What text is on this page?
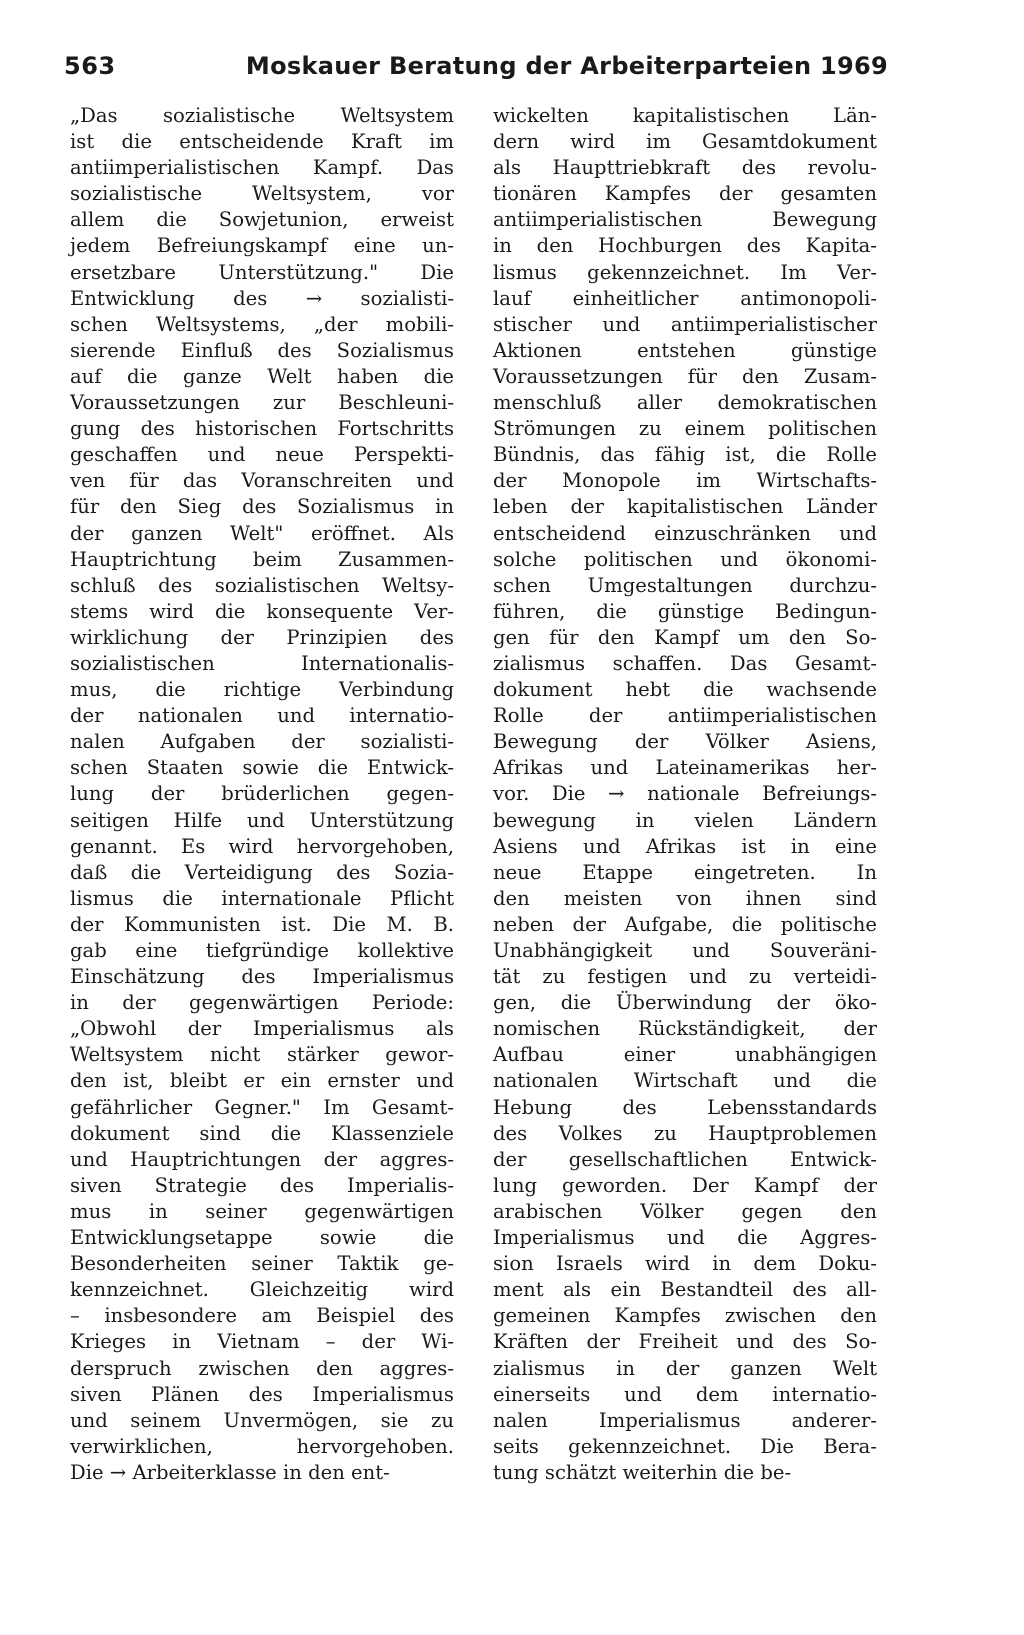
563	Moskauer Beratung der Arbeiterparteien 1969
„Das sozialistische Weltsystem
ist die entscheidende Kraft im
antiimperialistischen Kampf. Das
sozialistische Weltsystem, vor
allem die Sowjetunion, erweist
jedem Befreiungskampf eine un-
ersetzbare Unterstützung." Die
Entwicklung des → sozialisti-
schen Weltsystems, „der mobili-
sierende Einfluß des Sozialismus
auf die ganze Welt haben die
Voraussetzungen zur Beschleuni-
gung des historischen Fortschritts
geschaffen und neue Perspekti-
ven für das Voranschreiten und
für den Sieg des Sozialismus in
der ganzen Welt" eröffnet. Als
Hauptrichtung beim Zusammen-
schluß des sozialistischen Weltsy-
stems wird die konsequente Ver-
wirklichung der Prinzipien des
sozialistischen Internationalis-
mus, die richtige Verbindung
der nationalen und internatio-
nalen Aufgaben der sozialisti-
schen Staaten sowie die Entwick-
lung der brüderlichen gegen-
seitigen Hilfe und Unterstützung
genannt. Es wird hervorgehoben,
daß die Verteidigung des Sozia-
lismus die internationale Pflicht
der Kommunisten ist. Die M. B.
gab eine tiefgründige kollektive
Einschätzung des Imperialismus
in der gegenwärtigen Periode:
„Obwohl der Imperialismus als
Weltsystem nicht stärker gewor-
den ist, bleibt er ein ernster und
gefährlicher Gegner." Im Gesamt-
dokument sind die Klassenziele
und Hauptrichtungen der aggres-
siven Strategie des Imperialis-
mus in seiner gegenwärtigen
Entwicklungsetappe sowie die
Besonderheiten seiner Taktik ge-
kennzeichnet. Gleichzeitig wird
– insbesondere am Beispiel des
Krieges in Vietnam – der Wi-
derspruch zwischen den aggres-
siven Plänen des Imperialismus
und seinem Unvermögen, sie zu
verwirklichen, hervorgehoben.
Die → Arbeiterklasse in den ent-
wickelten kapitalistischen Län-
dern wird im Gesamtdokument
als Haupttriebkraft des revolu-
tionären Kampfes der gesamten
antiimperialistischen Bewegung
in den Hochburgen des Kapita-
lismus gekennzeichnet. Im Ver-
lauf einheitlicher antimonopoli-
stischer und antiimperialistischer
Aktionen entstehen günstige
Voraussetzungen für den Zusam-
menschluß aller demokratischen
Strömungen zu einem politischen
Bündnis, das fähig ist, die Rolle
der Monopole im Wirtschafts-
leben der kapitalistischen Länder
entscheidend einzuschränken und
solche politischen und ökonomi-
schen Umgestaltungen durchzu-
führen, die günstige Bedingun-
gen für den Kampf um den So-
zialismus schaffen. Das Gesamt-
dokument hebt die wachsende
Rolle der antiimperialistischen
Bewegung der Völker Asiens,
Afrikas und Lateinamerikas her-
vor. Die → nationale Befreiungs-
bewegung in vielen Ländern
Asiens und Afrikas ist in eine
neue Etappe eingetreten. In
den meisten von ihnen sind
neben der Aufgabe, die politische
Unabhängigkeit und Souveräni-
tät zu festigen und zu verteidi-
gen, die Überwindung der öko-
nomischen Rückständigkeit, der
Aufbau einer unabhängigen
nationalen Wirtschaft und die
Hebung des Lebensstandards
des Volkes zu Hauptproblemen
der gesellschaftlichen Entwick-
lung geworden. Der Kampf der
arabischen Völker gegen den
Imperialismus und die Aggres-
sion Israels wird in dem Doku-
ment als ein Bestandteil des all-
gemeinen Kampfes zwischen den
Kräften der Freiheit und des So-
zialismus in der ganzen Welt
einerseits und dem internatio-
nalen Imperialismus anderer-
seits gekennzeichnet. Die Bera-
tung schätzt weiterhin die be-
